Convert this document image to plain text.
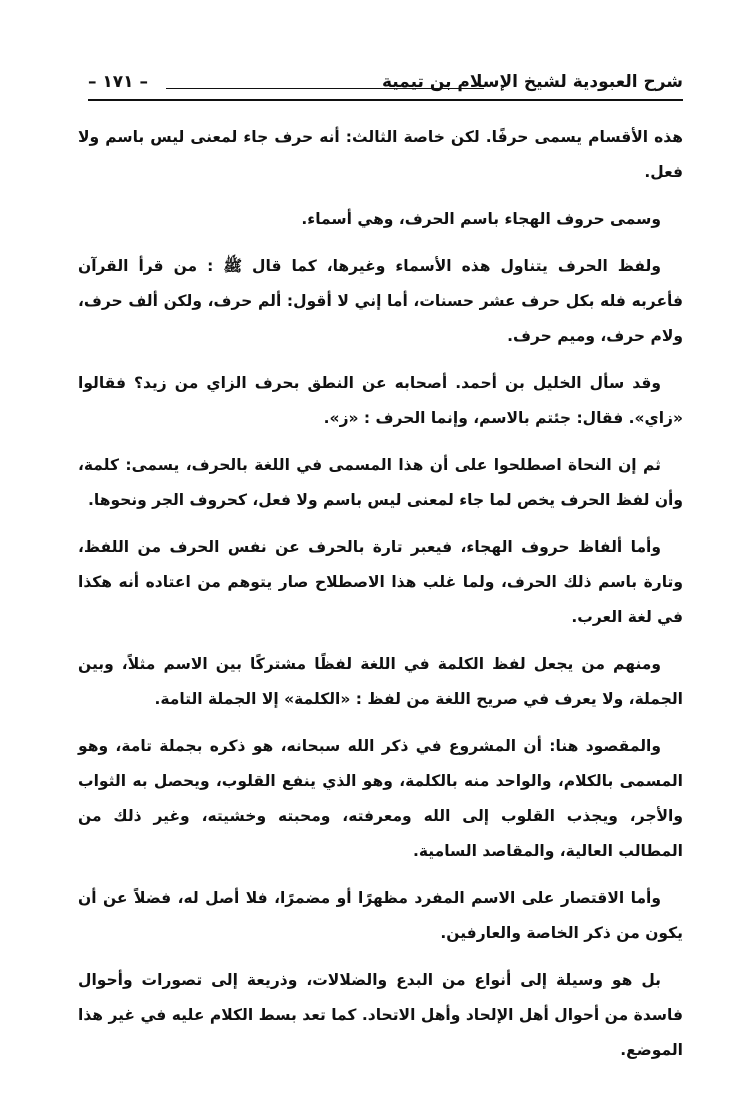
شرح العبودية لشيخ الإسلام بن تيمية
– ١٧١ –

هذه الأقسام يسمى حرفًا. لكن خاصة الثالث: أنه حرف جاء لمعنى ليس باسم ولا فعل.

وسمى حروف الهجاء باسم الحرف، وهي أسماء.

ولفظ الحرف يتناول هذه الأسماء وغيرها، كما قال ﷺ : من قرأ القرآن فأعربه فله بكل حرف عشر حسنات، أما إني لا أقول: ألم حرف، ولكن ألف حرف، ولام حرف، وميم حرف.

وقد سأل الخليل بن أحمد. أصحابه عن النطق بحرف الزاي من زيد؟ فقالوا «زاي». فقال: جئتم بالاسم، وإنما الحرف : «ز».

ثم إن النحاة اصطلحوا على أن هذا المسمى في اللغة بالحرف، يسمى: كلمة، وأن لفظ الحرف يخص لما جاء لمعنى ليس باسم ولا فعل، كحروف الجر ونحوها.

وأما ألفاظ حروف الهجاء، فيعبر تارة بالحرف عن نفس الحرف من اللفظ، وتارة باسم ذلك الحرف، ولما غلب هذا الاصطلاح صار يتوهم من اعتاده أنه هكذا في لغة العرب.

ومنهم من يجعل لفظ الكلمة في اللغة لفظًا مشتركًا بين الاسم مثلاً، وبين الجملة، ولا يعرف في صريح اللغة من لفظ : «الكلمة» إلا الجملة التامة.

والمقصود هنا: أن المشروع في ذكر الله سبحانه، هو ذكره بجملة تامة، وهو المسمى بالكلام، والواحد منه بالكلمة، وهو الذي ينفع القلوب، ويحصل به الثواب والأجر، ويجذب القلوب إلى الله ومعرفته، ومحبته وخشيته، وغير ذلك من المطالب العالية، والمقاصد السامية.

وأما الاقتصار على الاسم المفرد مظهرًا أو مضمرًا، فلا أصل له، فضلاً عن أن يكون من ذكر الخاصة والعارفين.

بل هو وسيلة إلى أنواع من البدع والضلالات، وذريعة إلى تصورات وأحوال فاسدة من أحوال أهل الإلحاد وأهل الاتحاد. كما تعد بسط الكلام عليه في غير هذا الموضع.
